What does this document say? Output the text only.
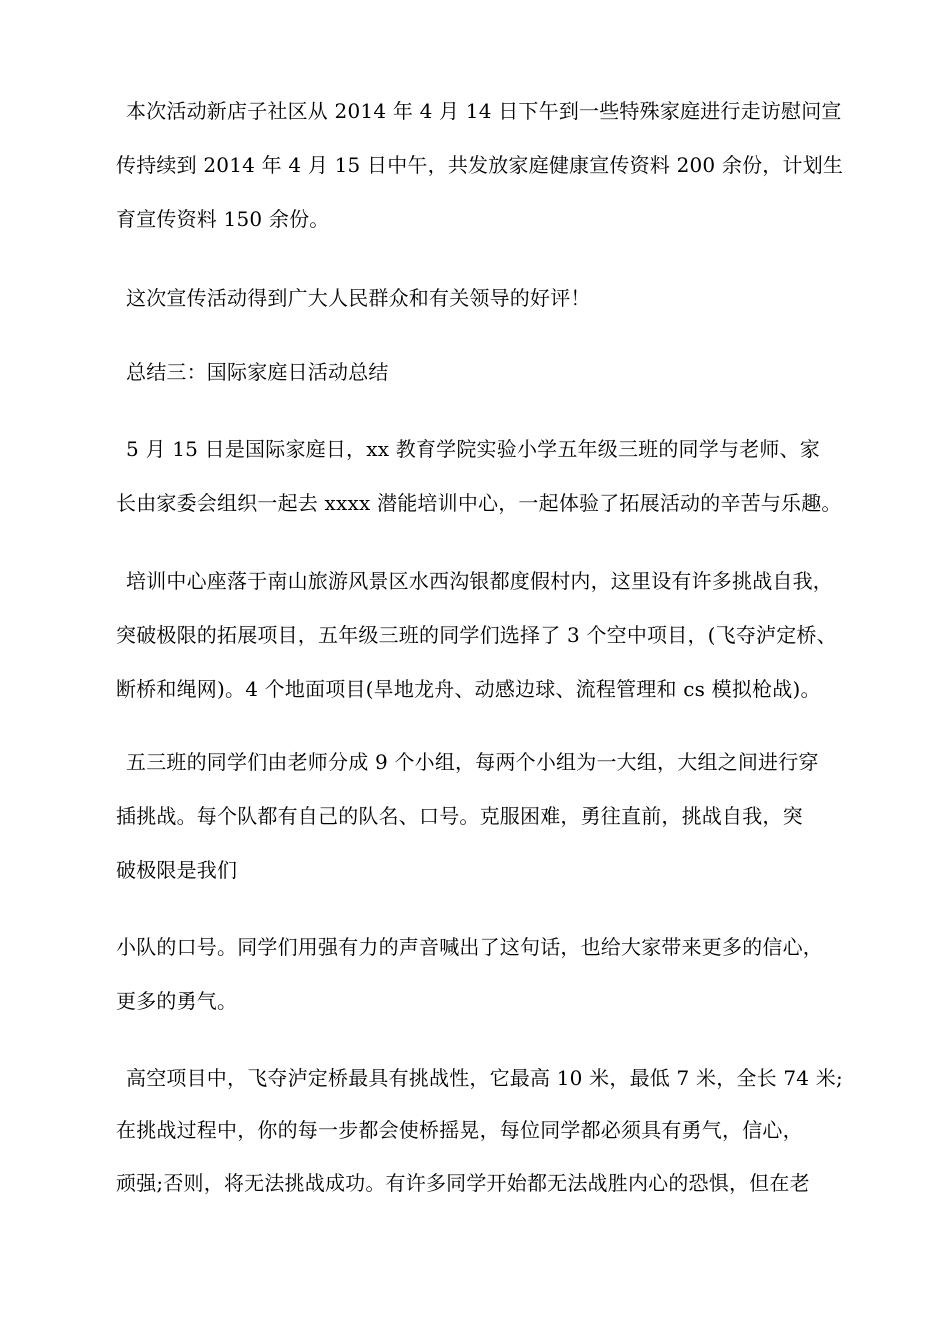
本次活动新店子社区从 2014 年 4 月 14 日下午到一些特殊家庭进行走访慰问宣
传持续到 2014 年 4 月 15 日中午，共发放家庭健康宣传资料 200 余份，计划生
育宣传资料 150 余份。
这次宣传活动得到广大人民群众和有关领导的好评！
总结三：国际家庭日活动总结
5 月 15 日是国际家庭日，xx 教育学院实验小学五年级三班的同学与老师、家
长由家委会组织一起去 xxxx 潜能培训中心，一起体验了拓展活动的辛苦与乐趣。
培训中心座落于南山旅游风景区水西沟银都度假村内，这里设有许多挑战自我，
突破极限的拓展项目，五年级三班的同学们选择了 3 个空中项目，(飞夺泸定桥、
断桥和绳网)。4 个地面项目(旱地龙舟、动感边球、流程管理和 cs 模拟枪战)。
五三班的同学们由老师分成 9 个小组，每两个小组为一大组，大组之间进行穿
插挑战。每个队都有自己的队名、口号。克服困难，勇往直前，挑战自我，突
破极限是我们
小队的口号。同学们用强有力的声音喊出了这句话，也给大家带来更多的信心，
更多的勇气。
高空项目中，飞夺泸定桥最具有挑战性，它最高 10 米，最低 7 米，全长 74 米;
在挑战过程中，你的每一步都会使桥摇晃，每位同学都必须具有勇气，信心，
顽强;否则，将无法挑战成功。有许多同学开始都无法战胜内心的恐惧，但在老
